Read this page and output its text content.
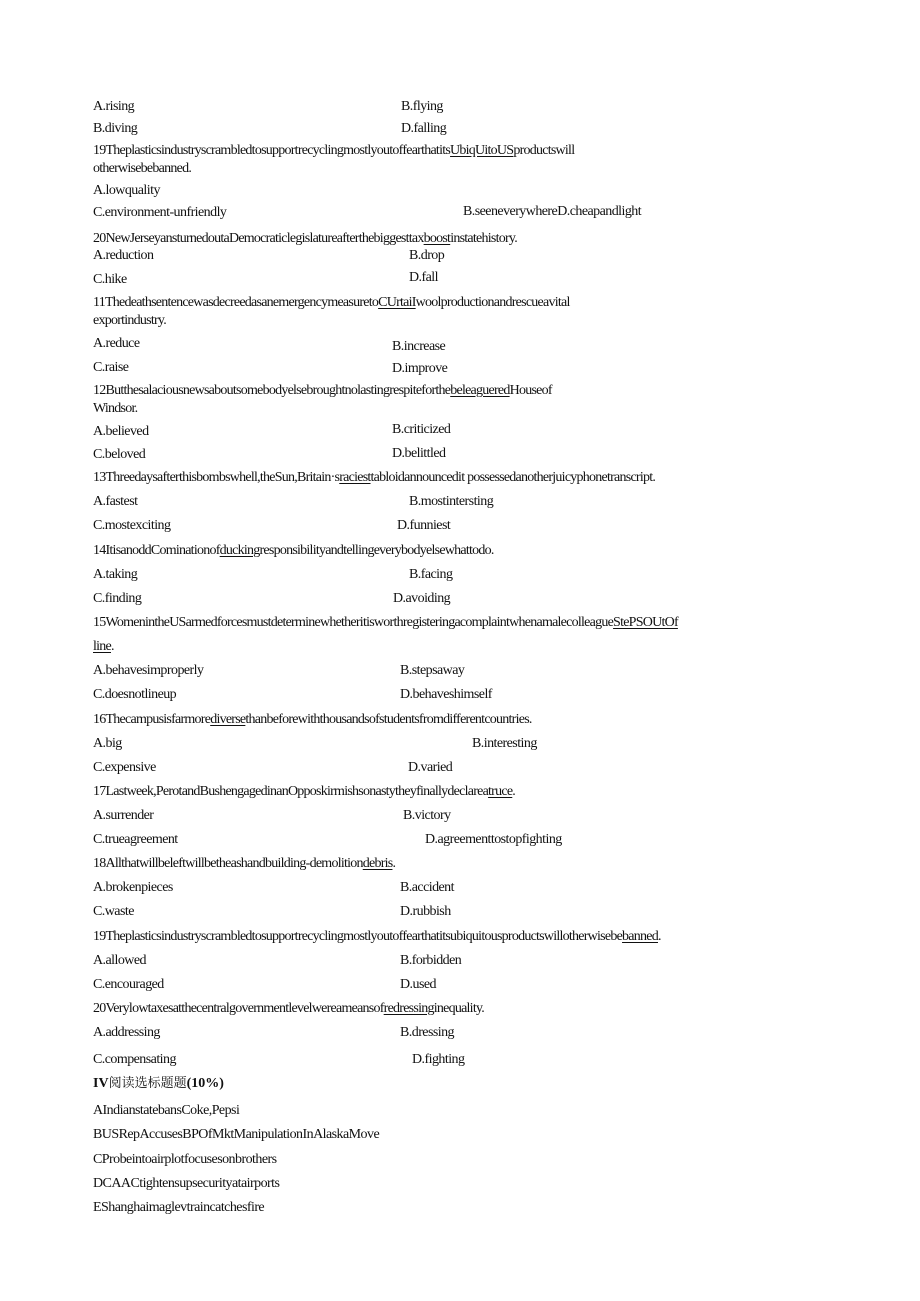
A.rising	B.flying
B.diving	D.falling
19TheplasticsindustryscrambledtosupportrecyclingmostlyoutoffearthatitsUbiqUitoUSproductswill
otherwisebebanned.
A.lowquality
C.environment-unfriendly	B.seeneverywhereD.cheapandlight
20NewJerseyansturnedoutaDemocraticlegislatureafterthebiggesttaxboostinstatehistory.
A.reduction	B.drop
C.hike	D.fall
11ThedeathsentencewasdecreedasanemergencymeasuretoCUrtaiIwoolproductionandrescueavital
exportindustry.
A.reduce	B.increase
C.raise	D.improve
12ButthesalaciousnewsaboutsomebodyelsebroughtnolastingrespiteforthebeleagueredHouseof
Windsor.
A.believed	B.criticized
C.beloved	D.belittled
13Threedaysafterthisbombswhell,theSun,Britain·sraciesttabloidannouncedit possessedanotherjuicyphonetranscript.
A.fastest	B.mostintersting
C.mostexciting	D.funniest
14ItisanoddCominationofduckingresponsibilityandtellingeverybodyelsewhattodo.
A.taking	B.facing
C.finding	D.avoiding
15WomenintheUSarmedforcesmustdeterminewhetheritisworthregisteringacomplaintwhenamalecolleagueStePSOUtOf
line.
A.behavesimproperly	B.stepsaway
C.doesnotlineup	D.behaveshimself
16Thecampusisfarmorediversethanbeforewiththousandsofstudentsfromdifferentcountries.
A.big	B.interesting
C.expensive	D.varied
17Lastweek,PerotandBushengagedinanOpposkirmishsonastytheyfinallydeclareatruce.
A.surrender	B.victory
C.trueagreement	D.agreementtostopfighting
18Allthatwillbeleftwillbetheashandbuilding-demolitiondebris.
A.brokenpieces	B.accident
C.waste	D.rubbish
19Theplasticsindustryscrambledtosupportrecyclingmostlyoutoffearthatitsubiquitousproductswillotherwisebebanned.
A.allowed	B.forbidden
C.encouraged	D.used
20Verylowtaxesatthecentralgovernmentlevelwereameansofredressinginequality.
A.addressing	B.dressing
C.compensating	D.fighting
IV阅读选标题题(10%)
AIndianstatebansCoke,Pepsi
BUSRepAccusesBPOfMktManipulationInAlaskaMove
CProbeintoairplotfocusesonbrothers
DCAACtightensupsecurityatairports
EShanghaimaglevtraincatchesfire
